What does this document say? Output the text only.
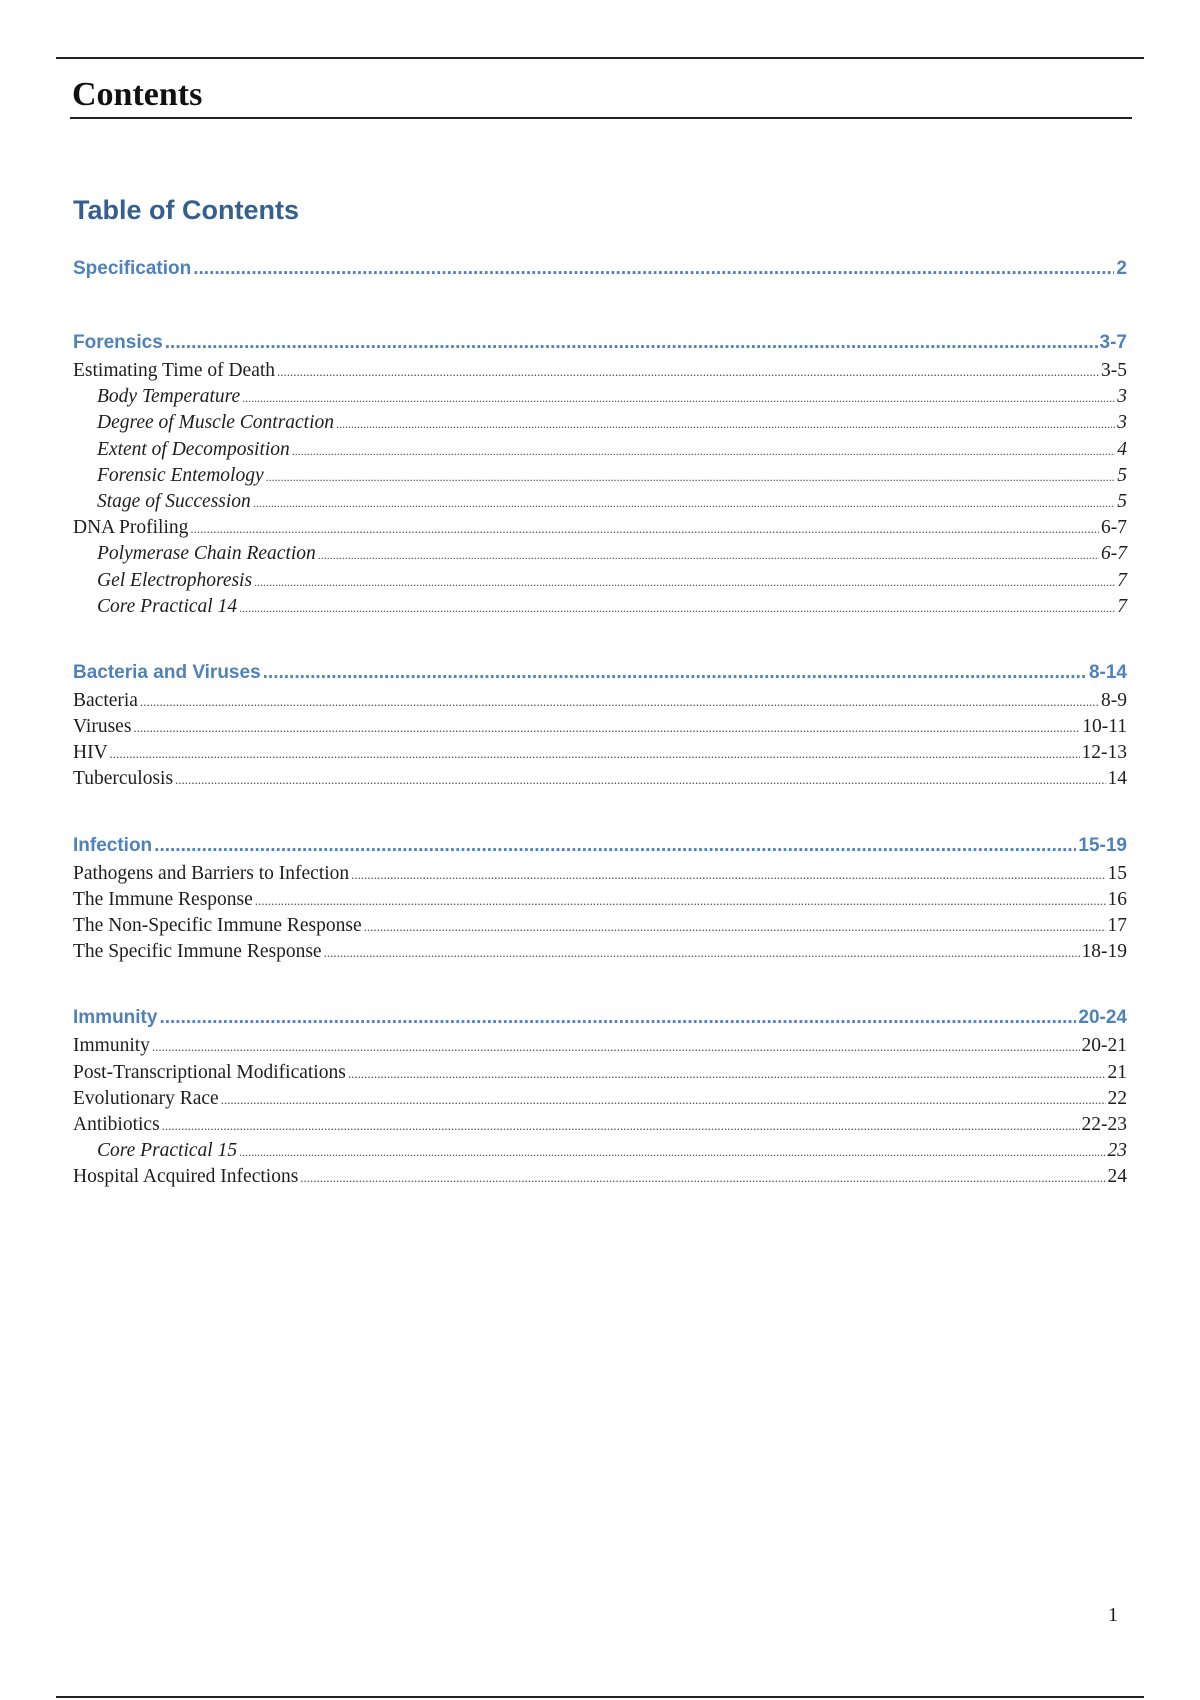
Contents
Table of Contents
Specification .....	2
Forensics .....	3-7
Estimating Time of Death .....	3-5
Body Temperature .....	3
Degree of Muscle Contraction .....	3
Extent of Decomposition .....	4
Forensic Entemology .....	5
Stage of Succession .....	5
DNA Profiling .....	6-7
Polymerase Chain Reaction .....	6-7
Gel Electrophoresis .....	7
Core Practical 14 .....	7
Bacteria and Viruses .....	8-14
Bacteria .....	8-9
Viruses .....	10-11
HIV .....	12-13
Tuberculosis .....	14
Infection .....	15-19
Pathogens and Barriers to Infection .....	15
The Immune Response .....	16
The Non-Specific Immune Response .....	17
The Specific Immune Response .....	18-19
Immunity .....	20-24
Immunity .....	20-21
Post-Transcriptional Modifications .....	21
Evolutionary Race .....	22
Antibiotics .....	22-23
Core Practical 15 .....	23
Hospital Acquired Infections .....	24
1
